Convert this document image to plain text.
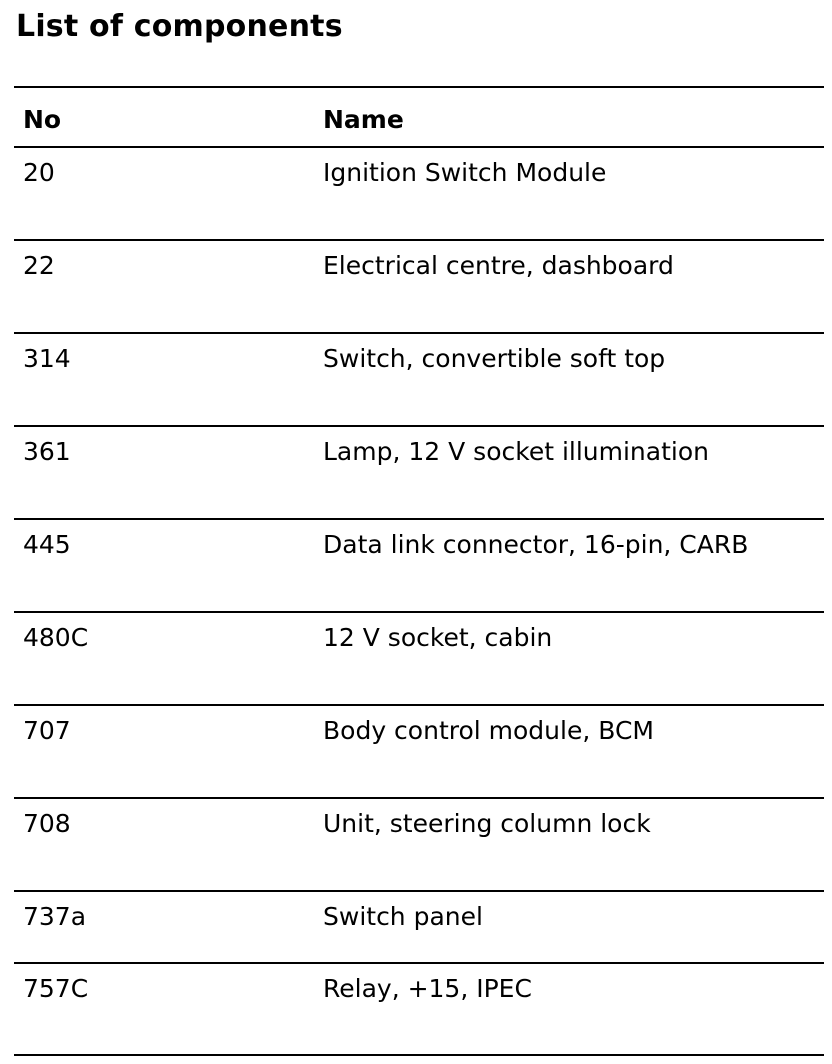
List of components
No	Name
20	Ignition Switch Module
22	Electrical centre, dashboard
314	Switch, convertible soft top
361	Lamp, 12 V socket illumination
445	Data link connector, 16-pin, CARB
480C	12 V socket, cabin
707	Body control module, BCM
708	Unit, steering column lock
737a	Switch panel
757C	Relay, +15, IPEC
